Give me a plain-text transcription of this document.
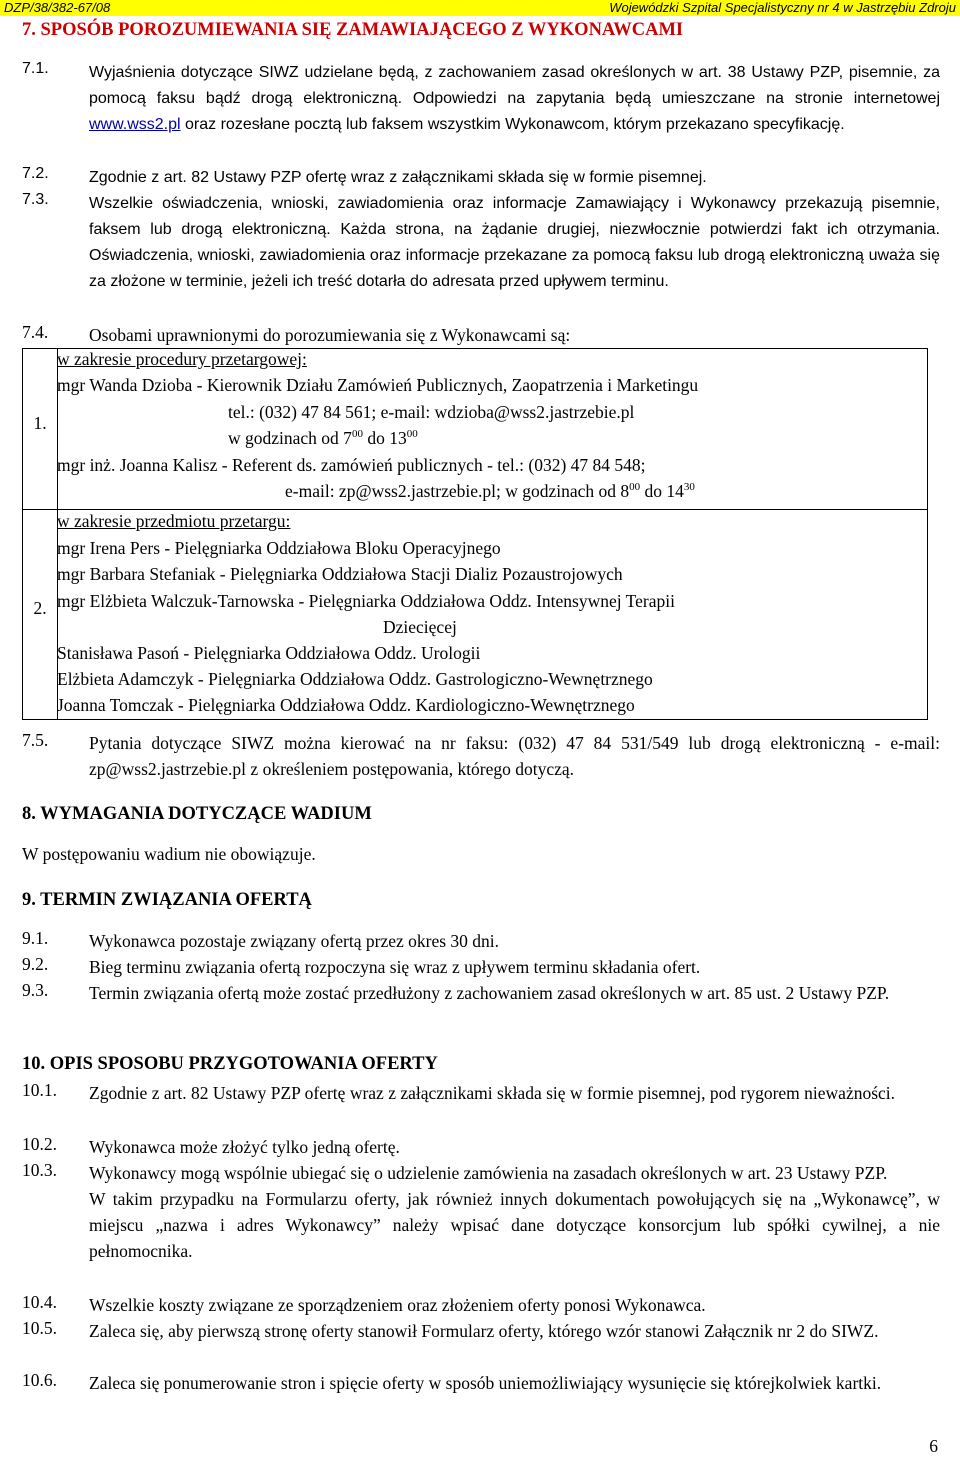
DZP/38/382-67/08	Wojewódzki Szpital Specjalistyczny nr 4 w Jastrzębiu Zdroju
7. SPOSÓB POROZUMIEWANIA SIĘ ZAMAWIAJĄCEGO Z WYKONAWCAMI
7.1.	Wyjaśnienia dotyczące SIWZ udzielane będą, z zachowaniem zasad określonych w art. 38 Ustawy PZP, pisemnie, za pomocą faksu bądź drogą elektroniczną. Odpowiedzi na zapytania będą umieszczane na stronie internetowej www.wss2.pl oraz rozesłane pocztą lub faksem wszystkim Wykonawcom, którym przekazano specyfikację.
7.2.	Zgodnie z art. 82 Ustawy PZP ofertę wraz z załącznikami składa się w formie pisemnej.
7.3.	Wszelkie oświadczenia, wnioski, zawiadomienia oraz informacje Zamawiający i Wykonawcy przekazują pisemnie, faksem lub drogą elektroniczną. Każda strona, na żądanie drugiej, niezwłocznie potwierdzi fakt ich otrzymania. Oświadczenia, wnioski, zawiadomienia oraz informacje przekazane za pomocą faksu lub drogą elektroniczną uważa się za złożone w terminie, jeżeli ich treść dotarła do adresata przed upływem terminu.
7.4. Osobami uprawnionymi do porozumiewania się z Wykonawcami są:
1.
w zakresie procedury przetargowej:
mgr Wanda Dzioba - Kierownik Działu Zamówień Publicznych, Zaopatrzenia i Marketingu
tel.: (032) 47 84 561; e-mail: wdzioba@wss2.jastrzebie.pl
w godzinach od $7^{00}$ do $13^{00}$
mgr inż. Joanna Kalisz - Referent ds. zamówień publicznych - tel.: (032) 47 84 548;
e-mail: zp@wss2.jastrzebie.pl; w godzinach od $8^{00}$ do $14^{30}$
2.
w zakresie przedmiotu przetargu:
mgr Irena Pers - Pielęgniarka Oddziałowa Bloku Operacyjnego
mgr Barbara Stefaniak - Pielęgniarka Oddziałowa Stacji Dializ Pozaustrojowych
mgr Elżbieta Walczuk-Tarnowska - Pielęgniarka Oddziałowa Oddz. Intensywnej Terapii
Dziecięcej
Stanisława Pasoń - Pielęgniarka Oddziałowa Oddz. Urologii
Elżbieta Adamczyk - Pielęgniarka Oddziałowa Oddz. Gastrologiczno-Wewnętrznego
Joanna Tomczak - Pielęgniarka Oddziałowa Oddz. Kardiologiczno-Wewnętrznego
7.5. Pytania dotyczące SIWZ można kierować na nr faksu: (032) 47 84 531/549 lub drogą elektroniczną - e-mail: zp@wss2.jastrzebie.pl z określeniem postępowania, którego dotyczą.
8. WYMAGANIA DOTYCZĄCE WADIUM
W postępowaniu wadium nie obowiązuje.
9. TERMIN ZWIĄZANIA OFERTĄ
9.1. Wykonawca pozostaje związany ofertą przez okres 30 dni.
9.2. Bieg terminu związania ofertą rozpoczyna się wraz z upływem terminu składania ofert.
9.3. Termin związania ofertą może zostać przedłużony z zachowaniem zasad określonych w art. 85 ust. 2 Ustawy PZP.
10. OPIS SPOSOBU PRZYGOTOWANIA OFERTY
10.1. Zgodnie z art. 82 Ustawy PZP ofertę wraz z załącznikami składa się w formie pisemnej, pod rygorem nieważności.
10.2. Wykonawca może złożyć tylko jedną ofertę.
10.3. Wykonawcy mogą wspólnie ubiegać się o udzielenie zamówienia na zasadach określonych w art. 23 Ustawy PZP.
W takim przypadku na Formularzu oferty, jak również innych dokumentach powołujących się na „Wykonawcę”, w miejscu „nazwa i adres Wykonawcy” należy wpisać dane dotyczące konsorcjum lub spółki cywilnej, a nie pełnomocnika.
10.4. Wszelkie koszty związane ze sporządzeniem oraz złożeniem oferty ponosi Wykonawca.
10.5. Zaleca się, aby pierwszą stronę oferty stanowił Formularz oferty, którego wzór stanowi Załącznik nr 2 do SIWZ.
10.6. Zaleca się ponumerowanie stron i spięcie oferty w sposób uniemożliwiający wysunięcie się którejkolwiek kartki.
6
